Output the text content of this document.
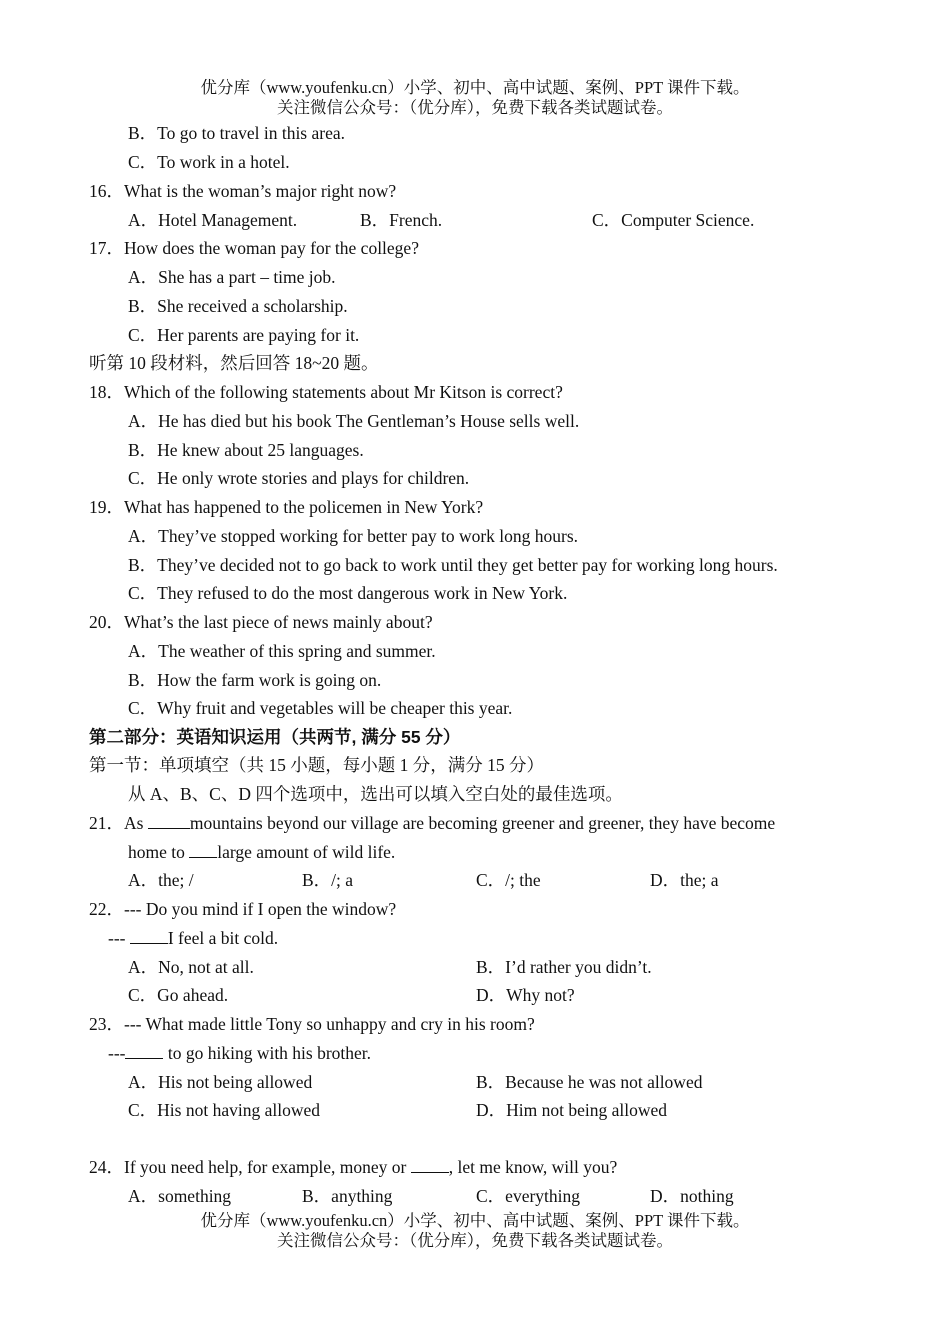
优分库（www.youfenku.cn）小学、初中、高中试题、案例、PPT 课件下载。
关注微信公众号：（优分库），免费下载各类试题试卷。
B．To go to travel in this area.
C．To work in a hotel.
16．What is the woman’s major right now?
A．Hotel Management.	B．French.	C．Computer Science.
17．How does the woman pay for the college?
A．She has a part – time job.
B．She received a scholarship.
C．Her parents are paying for it.
听第 10 段材料，然后回答 18~20 题。
18．Which of the following statements about Mr Kitson is correct?
A．He has died but his book The Gentleman’s House sells well.
B．He knew about 25 languages.
C．He only wrote stories and plays for children.
19．What has happened to the policemen in New York?
A．They’ve stopped working for better pay to work long hours.
B．They’ve decided not to go back to work until they get better pay for working long hours.
C．They refused to do the most dangerous work in New York.
20．What’s the last piece of news mainly about?
A．The weather of this spring and summer.
B．How the farm work is going on.
C．Why fruit and vegetables will be cheaper this year.
第二部分：英语知识运用（共两节, 满分 55 分）
第一节：单项填空（共 15 小题，每小题 1 分，满分 15 分）
从 A、B、C、D 四个选项中，选出可以填入空白处的最佳选项。
21．As mountains beyond our village are becoming greener and greener, they have become
home to large amount of wild life.
A．the; /	B．/; a	C．/; the	D．the; a
22．--- Do you mind if I open the window?
--- I feel a bit cold.
A．No, not at all.	B．I’d rather you didn’t.
C．Go ahead.	D．Why not?
23．--- What made little Tony so unhappy and cry in his room?
--- to go hiking with his brother.
A．His not being allowed	B．Because he was not allowed
C．His not having allowed	D．Him not being allowed
24．If you need help, for example, money or , let me know, will you?
A．something	B．anything	C．everything	D．nothing
优分库（www.youfenku.cn）小学、初中、高中试题、案例、PPT 课件下载。
关注微信公众号：（优分库），免费下载各类试题试卷。
